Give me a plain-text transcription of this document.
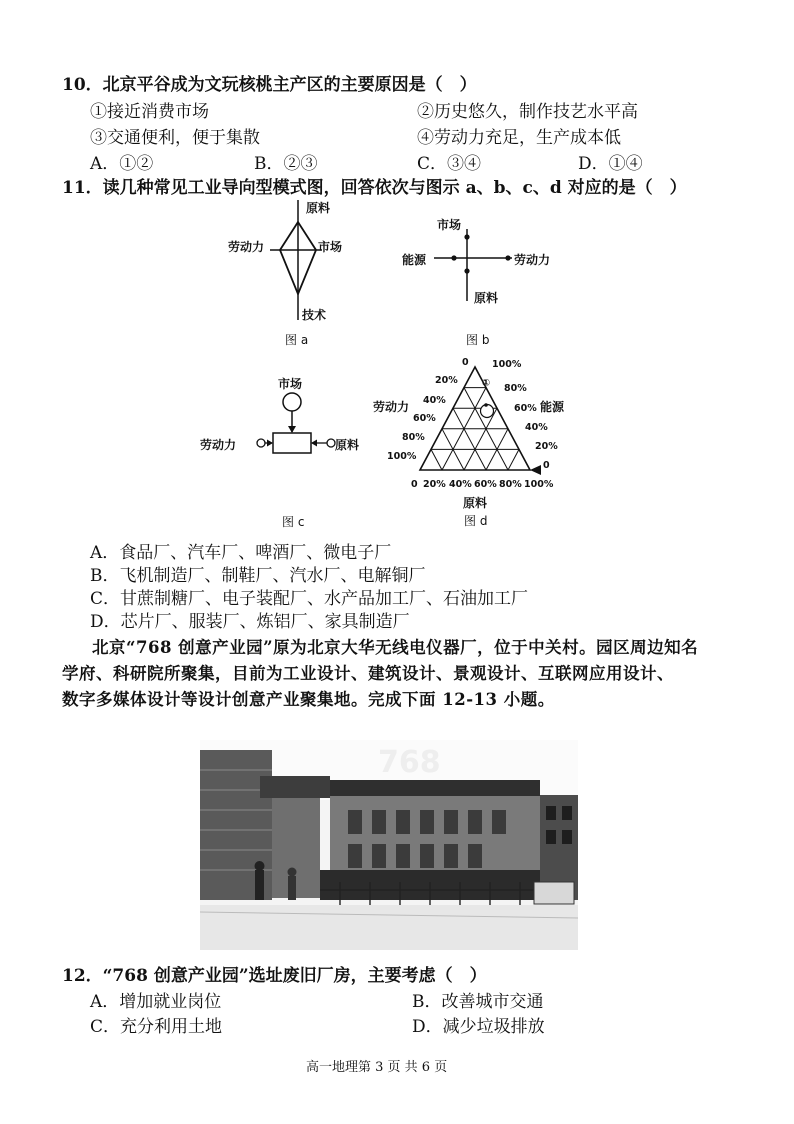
10．北京平谷成为文玩核桃主产区的主要原因是（　）
①接近消费市场	②历史悠久，制作技艺水平高
③交通便利，便于集散	④劳动力充足，生产成本低
A．①②	B．②③	C．③④	D．①④
11．读几种常见工业导向型模式图，回答依次与图示 a、b、c、d 对应的是（　）
原料
劳动力	市场
技术
图 a
市场
能源	劳动力
原料
图 b
市场
劳动力	原料
图 c
①
0
20%
40%
60%
80%
100%
100%
80%
60%
40%
20%
0
0 20% 40% 60% 80% 100%
劳动力	能源
原料
图 d
A．食品厂、汽车厂、啤酒厂、微电子厂
B．飞机制造厂、制鞋厂、汽水厂、电解铜厂
C．甘蔗制糖厂、电子装配厂、水产品加工厂、石油加工厂
D．芯片厂、服装厂、炼铝厂、家具制造厂
北京“768 创意产业园”原为北京大华无线电仪器厂，位于中关村。园区周边知名
学府、科研院所聚集，目前为工业设计、建筑设计、景观设计、互联网应用设计、
数字多媒体设计等设计创意产业聚集地。完成下面 12-13 小题。
768
12．“768 创意产业园”选址废旧厂房，主要考虑（　）
A．增加就业岗位	B．改善城市交通
C．充分利用土地	D．减少垃圾排放
高一地理第 3 页 共 6 页
